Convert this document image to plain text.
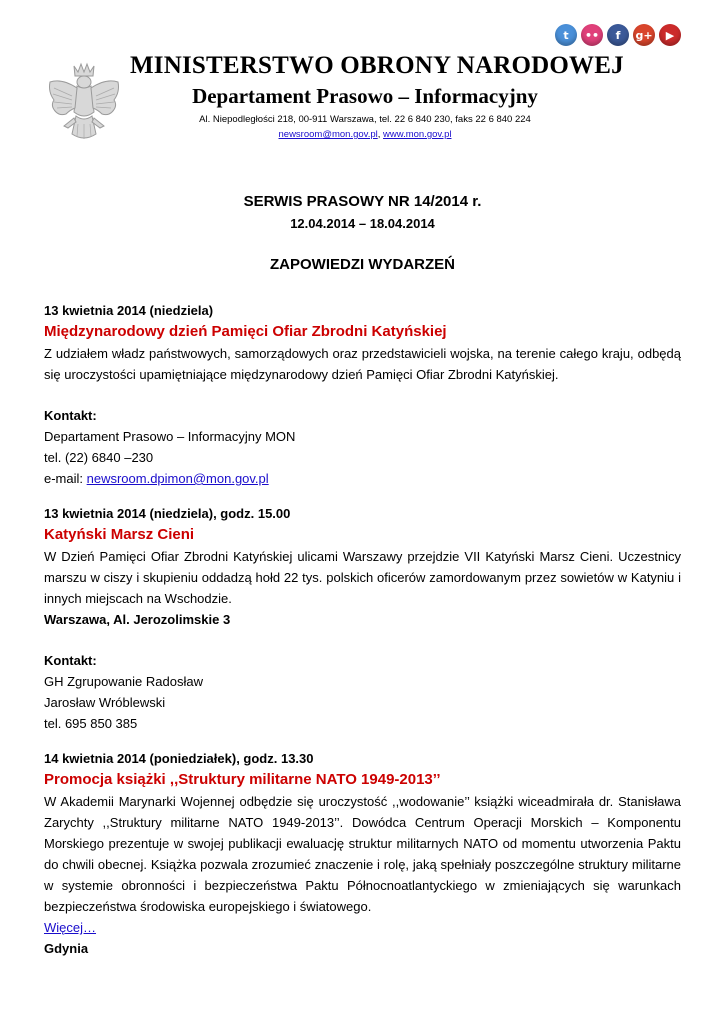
t	••	f	g+	▶
MINISTERSTWO OBRONY NARODOWEJ
Departament Prasowo – Informacyjny
Al. Niepodległości 218, 00-911 Warszawa, tel. 22 6 840 230, faks 22 6 840 224
newsroom@mon.gov.pl, www.mon.gov.pl
SERWIS PRASOWY NR 14/2014 r.
12.04.2014 – 18.04.2014
ZAPOWIEDZI WYDARZEŃ
13 kwietnia 2014 (niedziela)
Międzynarodowy dzień Pamięci Ofiar Zbrodni Katyńskiej
Z udziałem władz państwowych, samorządowych oraz przedstawicieli wojska, na terenie całego kraju, odbędą się uroczystości upamiętniające międzynarodowy dzień Pamięci Ofiar Zbrodni Katyńskiej.
Kontakt:
Departament Prasowo – Informacyjny MON
tel. (22) 6840 –230
e-mail: newsroom.dpimon@mon.gov.pl
13 kwietnia 2014 (niedziela), godz. 15.00
Katyński Marsz Cieni
W Dzień Pamięci Ofiar Zbrodni Katyńskiej ulicami Warszawy przejdzie VII Katyński Marsz Cieni. Uczestnicy marszu w ciszy i skupieniu oddadzą hołd 22 tys. polskich oficerów zamordowanym przez sowietów w Katyniu i innych miejscach na Wschodzie.
Warszawa, Al. Jerozolimskie 3
Kontakt:
GH Zgrupowanie Radosław
Jarosław Wróblewski
tel. 695 850 385
14 kwietnia 2014 (poniedziałek), godz. 13.30
Promocja książki ,,Struktury militarne NATO 1949-2013’’
W Akademii Marynarki Wojennej odbędzie się uroczystość ,,wodowanie’’ książki wiceadmirała dr. Stanisława Zarychty ,,Struktury militarne NATO 1949-2013’’. Dowódca Centrum Operacji Morskich – Komponentu Morskiego prezentuje w swojej publikacji ewaluację struktur militarnych NATO od momentu utworzenia Paktu do chwili obecnej. Książka pozwala zrozumieć znaczenie i rolę, jaką spełniały poszczególne struktury militarne w systemie obronności i bezpieczeństwa Paktu Północnoatlantyckiego w zmieniających się warunkach bezpieczeństwa środowiska europejskiego i światowego.
Więcej…
Gdynia
